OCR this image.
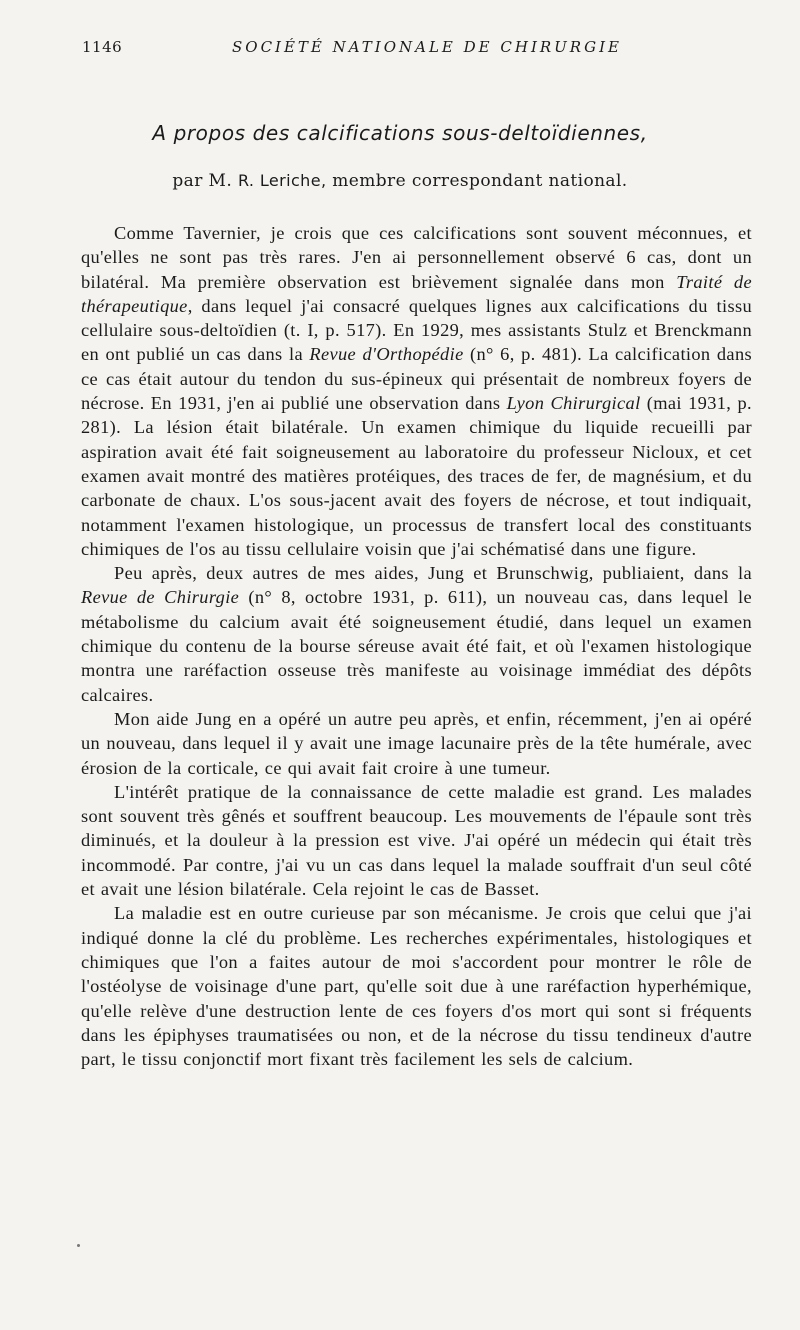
1146	SOCIÉTÉ NATIONALE DE CHIRURGIE
A propos des calcifications sous-deltoïdiennes,
par M. R. Leriche, membre correspondant national.

Comme Tavernier, je crois que ces calcifications sont souvent méconnues, et qu'elles ne sont pas très rares. J'en ai personnellement observé 6 cas, dont un bilatéral. Ma première observation est brièvement signalée dans mon Traité de thérapeutique, dans lequel j'ai consacré quelques lignes aux calcifications du tissu cellulaire sous-deltoïdien (t. I, p. 517). En 1929, mes assistants Stulz et Brenckmann en ont publié un cas dans la Revue d'Orthopédie (n° 6, p. 481). La calcification dans ce cas était autour du tendon du sus-épineux qui présentait de nombreux foyers de nécrose. En 1931, j'en ai publié une observation dans Lyon Chirurgical (mai 1931, p. 281). La lésion était bilatérale. Un examen chimique du liquide recueilli par aspiration avait été fait soigneusement au laboratoire du professeur Nicloux, et cet examen avait montré des matières protéiques, des traces de fer, de magnésium, et du carbonate de chaux. L'os sous-jacent avait des foyers de nécrose, et tout indiquait, notamment l'examen histologique, un processus de transfert local des constituants chimiques de l'os au tissu cellulaire voisin que j'ai schématisé dans une figure.

Peu après, deux autres de mes aides, Jung et Brunschwig, publiaient, dans la Revue de Chirurgie (n° 8, octobre 1931, p. 611), un nouveau cas, dans lequel le métabolisme du calcium avait été soigneusement étudié, dans lequel un examen chimique du contenu de la bourse séreuse avait été fait, et où l'examen histologique montra une raréfaction osseuse très manifeste au voisinage immédiat des dépôts calcaires.

Mon aide Jung en a opéré un autre peu après, et enfin, récemment, j'en ai opéré un nouveau, dans lequel il y avait une image lacunaire près de la tête humérale, avec érosion de la corticale, ce qui avait fait croire à une tumeur.

L'intérêt pratique de la connaissance de cette maladie est grand. Les malades sont souvent très gênés et souffrent beaucoup. Les mouvements de l'épaule sont très diminués, et la douleur à la pression est vive. J'ai opéré un médecin qui était très incommodé. Par contre, j'ai vu un cas dans lequel la malade souffrait d'un seul côté et avait une lésion bilatérale. Cela rejoint le cas de Basset.

La maladie est en outre curieuse par son mécanisme. Je crois que celui que j'ai indiqué donne la clé du problème. Les recherches expérimentales, histologiques et chimiques que l'on a faites autour de moi s'accordent pour montrer le rôle de l'ostéolyse de voisinage d'une part, qu'elle soit due à une raréfaction hyperhémique, qu'elle relève d'une destruction lente de ces foyers d'os mort qui sont si fréquents dans les épiphyses traumatisées ou non, et de la nécrose du tissu tendineux d'autre part, le tissu conjonctif mort fixant très facilement les sels de calcium.
